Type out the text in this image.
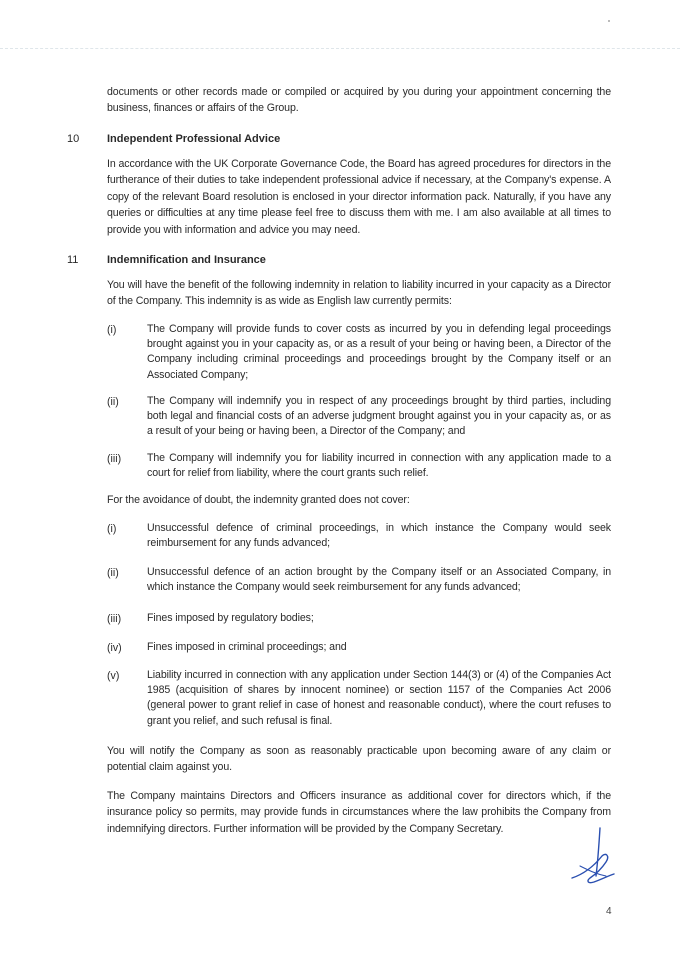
documents or other records made or compiled or acquired by you during your appointment concerning the business, finances or affairs of the Group.

10	Independent Professional Advice

In accordance with the UK Corporate Governance Code, the Board has agreed procedures for directors in the furtherance of their duties to take independent professional advice if necessary, at the Company's expense. A copy of the relevant Board resolution is enclosed in your director information pack. Naturally, if you have any queries or difficulties at any time please feel free to discuss them with me. I am also available at all times to provide you with information and advice you may need.

11	Indemnification and Insurance

You will have the benefit of the following indemnity in relation to liability incurred in your capacity as a Director of the Company. This indemnity is as wide as English law currently permits:

(i)	The Company will provide funds to cover costs as incurred by you in defending legal proceedings brought against you in your capacity as, or as a result of your being or having been, a Director of the Company including criminal proceedings and proceedings brought by the Company itself or an Associated Company;

(ii)	The Company will indemnify you in respect of any proceedings brought by third parties, including both legal and financial costs of an adverse judgment brought against you in your capacity as, or as a result of your being or having been, a Director of the Company; and

(iii) The Company will indemnify you for liability incurred in connection with any application made to a court for relief from liability, where the court grants such relief.

For the avoidance of doubt, the indemnity granted does not cover:

(i)	Unsuccessful defence of criminal proceedings, in which instance the Company would seek reimbursement for any funds advanced;

(ii)	Unsuccessful defence of an action brought by the Company itself or an Associated Company, in which instance the Company would seek reimbursement for any funds advanced;

(iii) Fines imposed by regulatory bodies;

(iv) Fines imposed in criminal proceedings; and

(v)	Liability incurred in connection with any application under Section 144(3) or (4) of the Companies Act 1985 (acquisition of shares by innocent nominee) or section 1157 of the Companies Act 2006 (general power to grant relief in case of honest and reasonable conduct), where the court refuses to grant you relief, and such refusal is final.

You will notify the Company as soon as reasonably practicable upon becoming aware of any claim or potential claim against you.

The Company maintains Directors and Officers insurance as additional cover for directors which, if the insurance policy so permits, may provide funds in circumstances where the law prohibits the Company from indemnifying directors. Further information will be provided by the Company Secretary.

4
